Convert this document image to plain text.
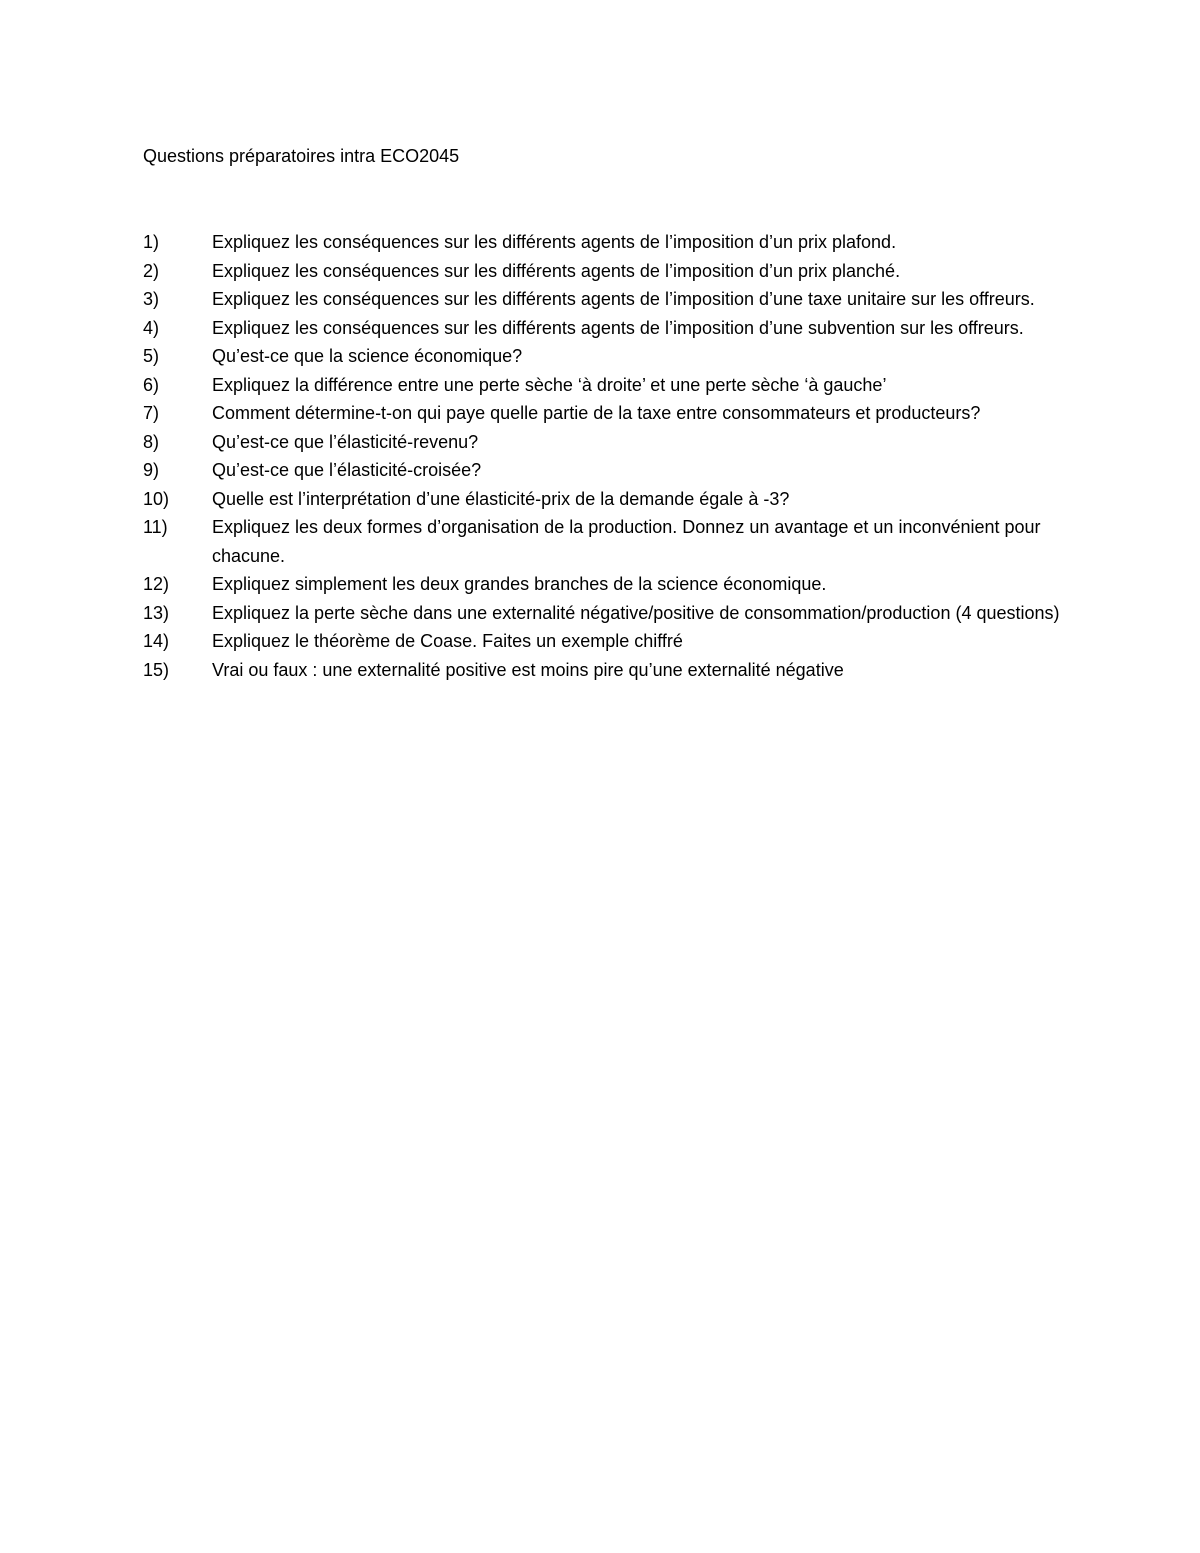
Questions préparatoires intra ECO2045
1)	Expliquez les conséquences sur les différents agents de l’imposition d’un prix plafond.
2)	Expliquez les conséquences sur les différents agents de l’imposition d’un prix planché.
3)	Expliquez les conséquences sur les différents agents de l’imposition d’une taxe unitaire sur les offreurs.
4)	Expliquez les conséquences sur les différents agents de l’imposition d’une subvention sur les offreurs.
5)	Qu’est-ce que la science économique?
6)	Expliquez la différence entre une perte sèche ‘à droite’ et une perte sèche ‘à gauche’
7)	Comment détermine-t-on qui paye quelle partie de la taxe entre consommateurs et producteurs?
8)	Qu’est-ce que l’élasticité-revenu?
9)	Qu’est-ce que l’élasticité-croisée?
10)	Quelle est l’interprétation d’une élasticité-prix de la demande égale à -3?
11)	Expliquez les deux formes d’organisation de la production. Donnez un avantage et un inconvénient pour chacune.
12)	Expliquez simplement les deux grandes branches de la science économique.
13)	Expliquez la perte sèche dans une externalité négative/positive de consommation/production (4 questions)
14)	Expliquez le théorème de Coase. Faites un exemple chiffré
15)	Vrai ou faux : une externalité positive est moins pire qu’une externalité négative
